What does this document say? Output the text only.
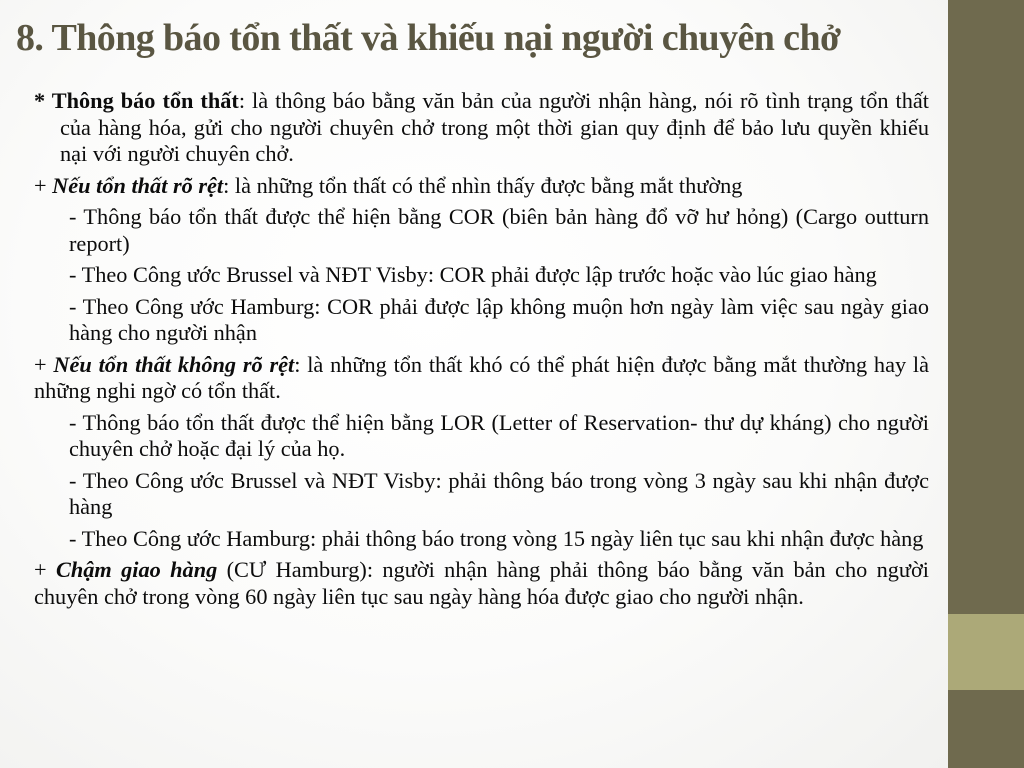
8. Thông báo tổn thất và khiếu nại người chuyên chở

* Thông báo tổn thất: là thông báo bằng văn bản của người nhận hàng, nói rõ tình trạng tổn thất của hàng hóa, gửi cho người chuyên chở trong một thời gian quy định để bảo lưu quyền khiếu nại với người chuyên chở.

+ Nếu tổn thất rõ rệt: là những tổn thất có thể nhìn thấy được bằng mắt thường

- Thông báo tổn thất được thể hiện bằng COR (biên bản hàng đổ vỡ hư hỏng) (Cargo outturn report)

- Theo Công ước Brussel và NĐT Visby: COR phải được lập trước hoặc vào lúc giao hàng

- Theo Công ước Hamburg: COR phải được lập không muộn hơn ngày làm việc sau ngày giao hàng cho người nhận

+ Nếu tổn thất không rõ rệt: là những tổn thất khó có thể phát hiện được bằng mắt thường hay là những nghi ngờ có tổn thất.

- Thông báo tổn thất được thể hiện bằng LOR (Letter of Reservation- thư dự kháng) cho người chuyên chở hoặc đại lý của họ.

- Theo Công ước Brussel và NĐT Visby: phải thông báo trong vòng 3 ngày sau khi nhận được hàng

- Theo Công ước Hamburg: phải thông báo trong vòng 15 ngày liên tục sau khi nhận được hàng

+ Chậm giao hàng (CƯ Hamburg): người nhận hàng phải thông báo bằng văn bản cho người chuyên chở trong vòng 60 ngày liên tục sau ngày hàng hóa được giao cho người nhận.
